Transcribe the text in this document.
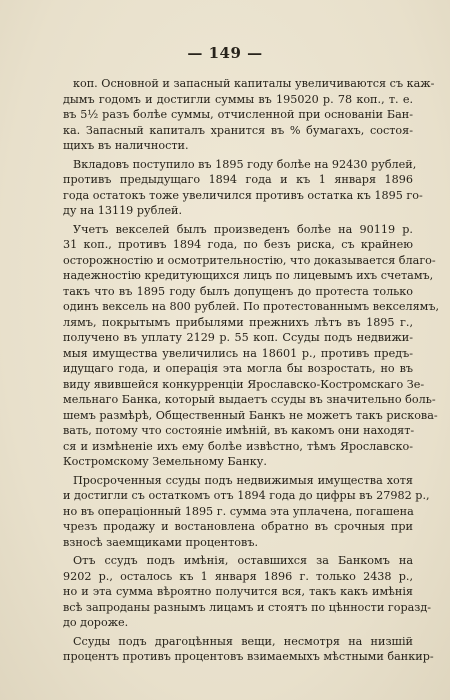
— 149 —
коп. Основной и запасный капиталы увеличиваются съ каж-
дымъ годомъ и достигли суммы въ 195020 р. 78 коп., т. е.
въ 5½ разъ болѣе суммы, отчисленной при основаніи Бан-
ка. Запасный капиталъ хранится въ % бумагахъ, состоя-
щихъ въ наличности.
Вкладовъ поступило въ 1895 году болѣе на 92430 рублей,
противъ предыдущаго 1894 года и къ 1 января 1896
года остатокъ тоже увеличился противъ остатка къ 1895 го-
ду на 13119 рублей.
Учетъ векселей былъ произведенъ болѣе на 90119 р.
31 коп., противъ 1894 года, по безъ риска, съ крайнею
осторожностію и осмотрительностію, что доказывается благо-
надежностію кредитующихся лицъ по лицевымъ ихъ счетамъ,
такъ что въ 1895 году былъ допущенъ до протеста только
одинъ вексель на 800 рублей. По протестованнымъ векселямъ,
лямъ, покрытымъ прибылями прежнихъ лѣтъ въ 1895 г.,
получено въ уплату 2129 р. 55 коп. Ссуды подъ недвижи-
мыя имущества увеличились на 18601 р., противъ предъ-
идущаго года, и операція эта могла бы возростать, но въ
виду явившейся конкурренціи Ярославско-Костромскаго Зе-
мельнаго Банка, который выдаетъ ссуды въ значительно боль-
шемъ размѣрѣ, Общественный Банкъ не можетъ такъ рискова-
вать, потому что состояніе имѣній, въ какомъ они находят-
ся и измѣненіе ихъ ему болѣе извѣстно, тѣмъ Ярославско-
Костромскому Земельному Банку.
Просроченныя ссуды подъ недвижимыя имущества хотя
и достигли съ остаткомъ отъ 1894 года до цифры въ 27982 р.,
но въ операціонный 1895 г. сумма эта уплачена, погашена
чрезъ продажу и востановлена обратно въ срочныя при
взносѣ заемщиками процентовъ.
Отъ ссудъ подъ имѣнія, оставшихся за Банкомъ на
9202 р., осталось къ 1 января 1896 г. только 2438 р.,
но и эта сумма вѣроятно получится вся, такъ какъ имѣнія
всѣ запроданы разнымъ лицамъ и стоятъ по цѣнности горазд-
до дороже.
Ссуды подъ драгоцѣнныя вещи, несмотря на низшій
процентъ противъ процентовъ взимаемыхъ мѣстными банкир-
